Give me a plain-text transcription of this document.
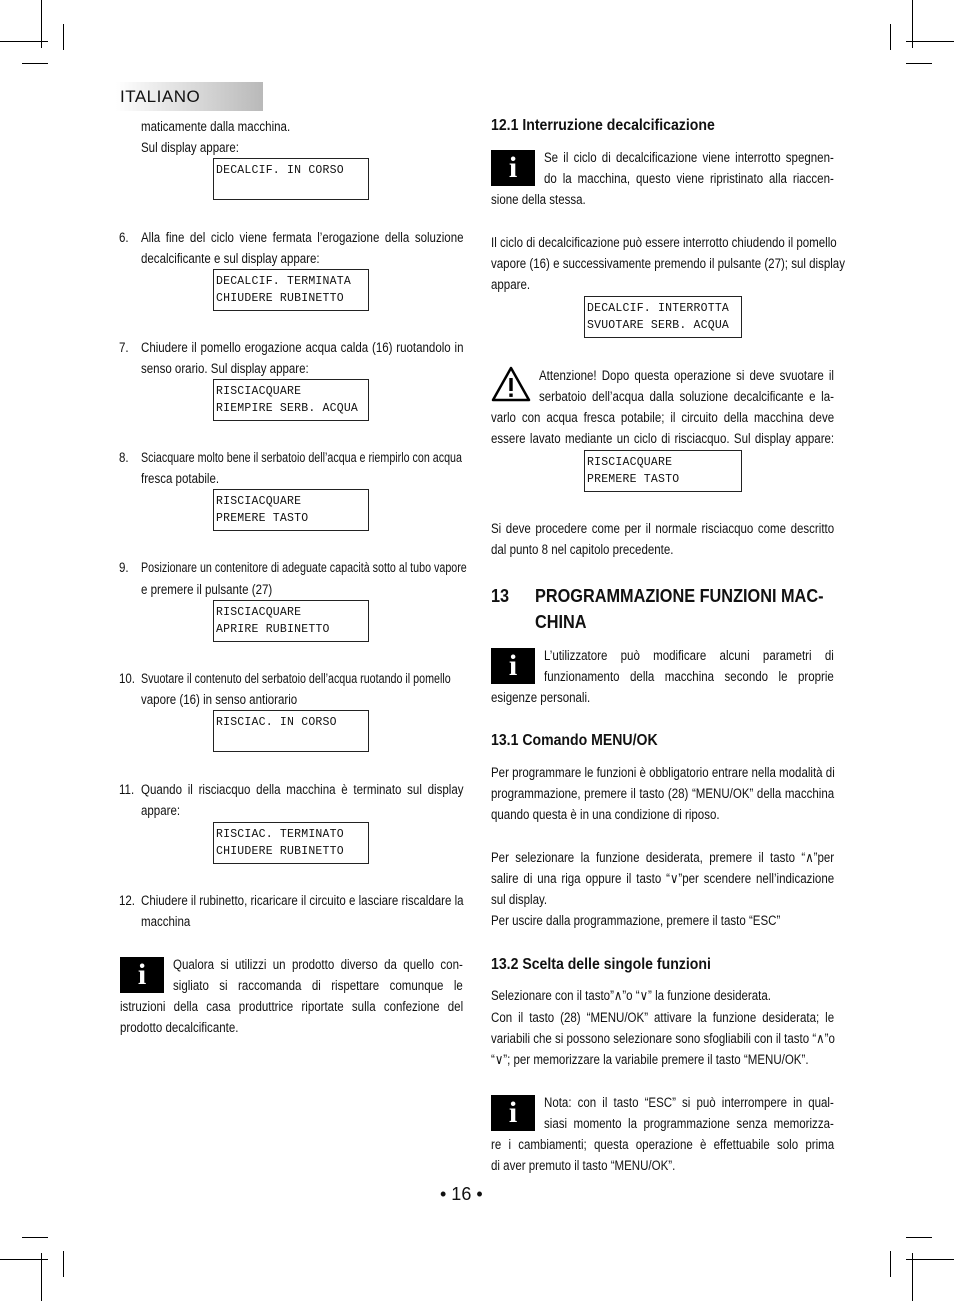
ITALIANO
maticamente dalla macchina.
Sul display appare:
DECALCIF. IN CORSO

6. Alla fine del ciclo viene fermata l’erogazione della soluzione
decalcificante e sul display appare:
DECALCIF. TERMINATA
CHIUDERE RUBINETTO
7. Chiudere il pomello erogazione acqua calda (16) ruotandolo in
senso orario. Sul display appare:
RISCIACQUARE
RIEMPIRE SERB. ACQUA
8. Sciacquare molto bene il serbatoio dell’acqua e riempirlo con acqua
fresca potabile.
RISCIACQUARE
PREMERE TASTO
9. Posizionare un contenitore di adeguate capacità sotto al tubo vapore
e premere il pulsante (27)
RISCIACQUARE
APRIRE RUBINETTO
10. Svuotare il contenuto del serbatoio dell’acqua ruotando il pomello
vapore (16) in senso antiorario
RISCIAC. IN CORSO

11. Quando il risciacquo della macchina è terminato sul display
appare:
RISCIAC. TERMINATO
CHIUDERE RUBINETTO
12. Chiudere il rubinetto, ricaricare il circuito e lasciare riscaldare la
macchina
i	Qualora si utilizzi un prodotto diverso da quello con-
sigliato si raccomanda di rispettare comunque le
istruzioni della casa produttrice riportate sulla confezione del
prodotto decalcificante.
12.1 Interruzione decalcificazione
i	Se il ciclo di decalcificazione viene interrotto spegnen-
do la macchina, questo viene ripristinato alla riaccen-
sione della stessa.
Il ciclo di decalcificazione può essere interrotto chiudendo il pomello
vapore (16) e successivamente premendo il pulsante (27); sul display
appare.
DECALCIF. INTERROTTA
SVUOTARE SERB. ACQUA
Attenzione! Dopo questa operazione si deve svuotare il
serbatoio dell’acqua dalla soluzione decalcificante e la-
varlo con acqua fresca potabile; il circuito della macchina deve
essere lavato mediante un ciclo di risciacquo. Sul display appare:
RISCIACQUARE
PREMERE TASTO
Si deve procedere come per il normale risciacquo come descritto
dal punto 8 nel capitolo precedente.
13 PROGRAMMAZIONE FUNZIONI MAC-
CHINA
i	L’utilizzatore può modificare alcuni parametri di
funzionamento della macchina secondo le proprie
esigenze personali.
13.1 Comando MENU/OK
Per programmare le funzioni è obbligatorio entrare nella modalità di
programmazione, premere il tasto (28) “MENU/OK” della macchina
quando questa è in una condizione di riposo.
Per selezionare la funzione desiderata, premere il tasto “∧”per
salire di una riga oppure il tasto “∨”per scendere nell’indicazione
sul display.
Per uscire dalla programmazione, premere il tasto “ESC”
13.2 Scelta delle singole funzioni
Selezionare con il tasto”∧”o “∨” la funzione desiderata.
Con il tasto (28) “MENU/OK” attivare la funzione desiderata; le
variabili che si possono selezionare sono sfogliabili con il tasto “∧”o
“∨”; per memorizzare la variabile premere il tasto “MENU/OK”.
i	Nota: con il tasto “ESC” si può interrompere in qual-
siasi momento la programmazione senza memorizza-
re i cambiamenti; questa operazione è effettuabile solo prima
di aver premuto il tasto “MENU/OK”.
• 16 •
